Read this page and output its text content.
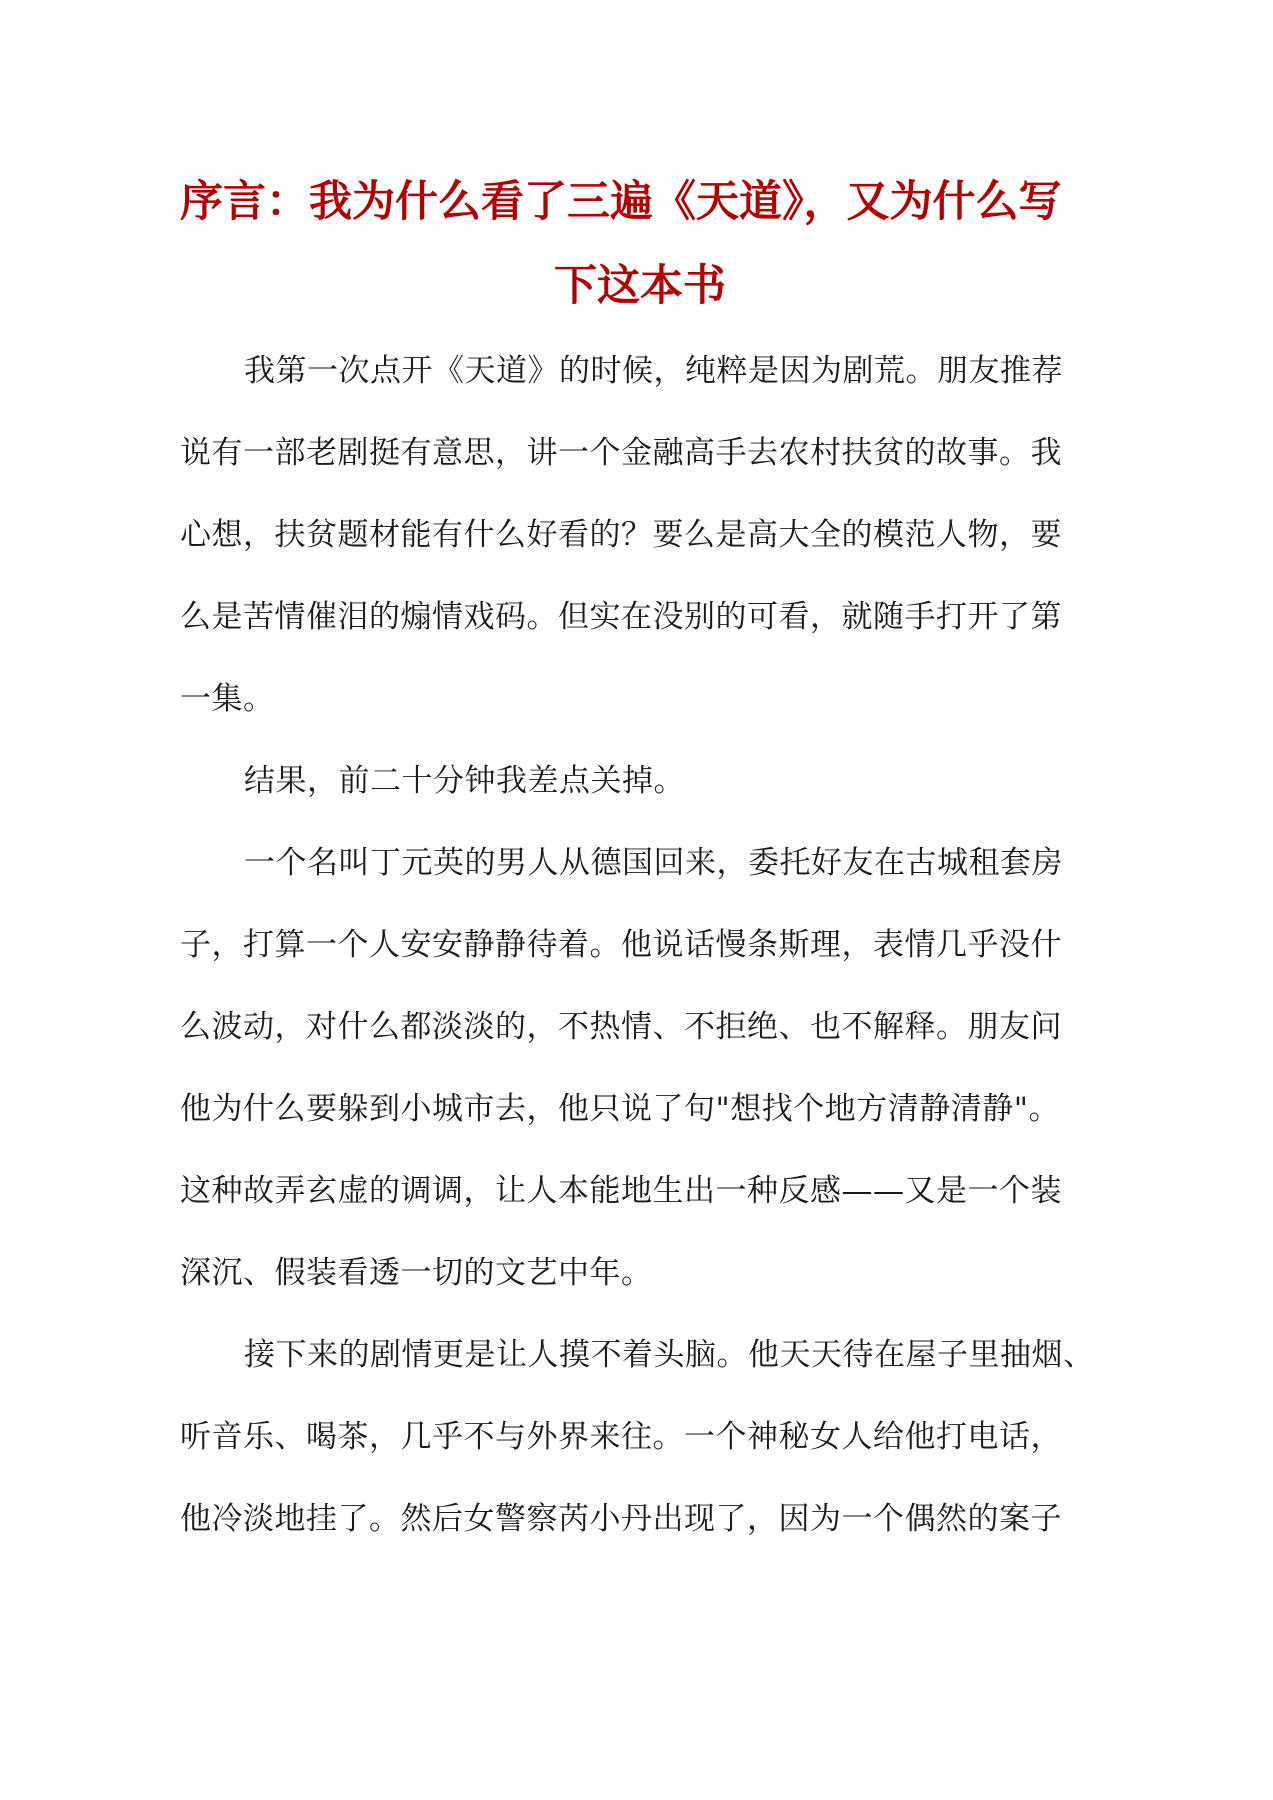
序言：我为什么看了三遍《天道》，又为什么写
下这本书
我第一次点开《天道》的时候，纯粹是因为剧荒。朋友推荐
说有一部老剧挺有意思，讲一个金融高手去农村扶贫的故事。我
心想，扶贫题材能有什么好看的？要么是高大全的模范人物，要
么是苦情催泪的煽情戏码。但实在没别的可看，就随手打开了第
一集。
结果，前二十分钟我差点关掉。
一个名叫丁元英的男人从德国回来，委托好友在古城租套房
子，打算一个人安安静静待着。他说话慢条斯理，表情几乎没什
么波动，对什么都淡淡的，不热情、不拒绝、也不解释。朋友问
他为什么要躲到小城市去，他只说了句"想找个地方清静清静"。
这种故弄玄虚的调调，让人本能地生出一种反感——又是一个装
深沉、假装看透一切的文艺中年。
接下来的剧情更是让人摸不着头脑。他天天待在屋子里抽烟、
听音乐、喝茶，几乎不与外界来往。一个神秘女人给他打电话，
他冷淡地挂了。然后女警察芮小丹出现了，因为一个偶然的案子
